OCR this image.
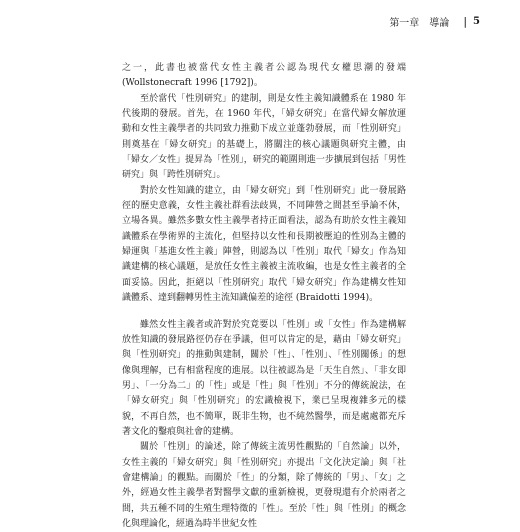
第一章　導論 | 5

之一，此書也被當代女性主義者公認為現代女權思潮的發端 (Wollstonecraft 1996 [1792])。

至於當代「性別研究」的建制，則是女性主義知識體系在 1980 年代後期的發展。首先，在 1960 年代，「婦女研究」在當代婦女解放運動和女性主義學者的共同致力推動下成立並蓬勃發展，而「性別研究」則奠基在「婦女研究」的基礎上，將關注的核心議題與研究主體，由「婦女／女性」提昇為「性別」，研究的範圍則進一步擴展到包括「男性研究」與「跨性別研究」。

對於女性知識的建立，由「婦女研究」到「性別研究」此一發展路徑的歷史意義，女性主義社群看法歧異，不同陣營之間甚至爭論不休，立場各異。雖然多數女性主義學者持正面看法，認為有助於女性主義知識體系在學術界的主流化，但堅持以女性和長期被壓迫的性別為主體的婦運與「基進女性主義」陣營，則認為以「性別」取代「婦女」作為知識建構的核心議題，是放任女性主義被主流收編，也是女性主義者的全面妥協。因此，拒絕以「性別研究」取代「婦女研究」作為建構女性知識體系、達到翻轉男性主流知識偏差的途徑 (Braidotti 1994)。

雖然女性主義者或許對於究竟要以「性別」或「女性」作為建構解放性知識的發展路徑仍存在爭議，但可以肯定的是，藉由「婦女研究」與「性別研究」的推動與建制，關於「性」、「性別」、「性別關係」的想像與理解，已有相當程度的進展。以往被認為是「天生自然」、「非女即男」、「一分為二」的「性」或是「性」與「性別」不分的傳統說法，在「婦女研究」與「性別研究」的宏識檢視下，業已呈現複雜多元的樣貌，不再自然，也不簡單，既非生物，也不純然醫學，而是處處都充斥著文化的鑿痕與社會的建構。

關於「性別」的論述，除了傳統主流男性觀點的「自然論」以外，女性主義的「婦女研究」與「性別研究」亦提出「文化決定論」與「社會建構論」的觀點。而關於「性」的分類，除了傳統的「男」、「女」之外，經過女性主義學者對醫學文獻的重新檢視，更發現還有介於兩者之間，共五種不同的生殖生理特徵的「性」。至於「性」與「性別」的概念化與理論化，經過為時半世紀女性
